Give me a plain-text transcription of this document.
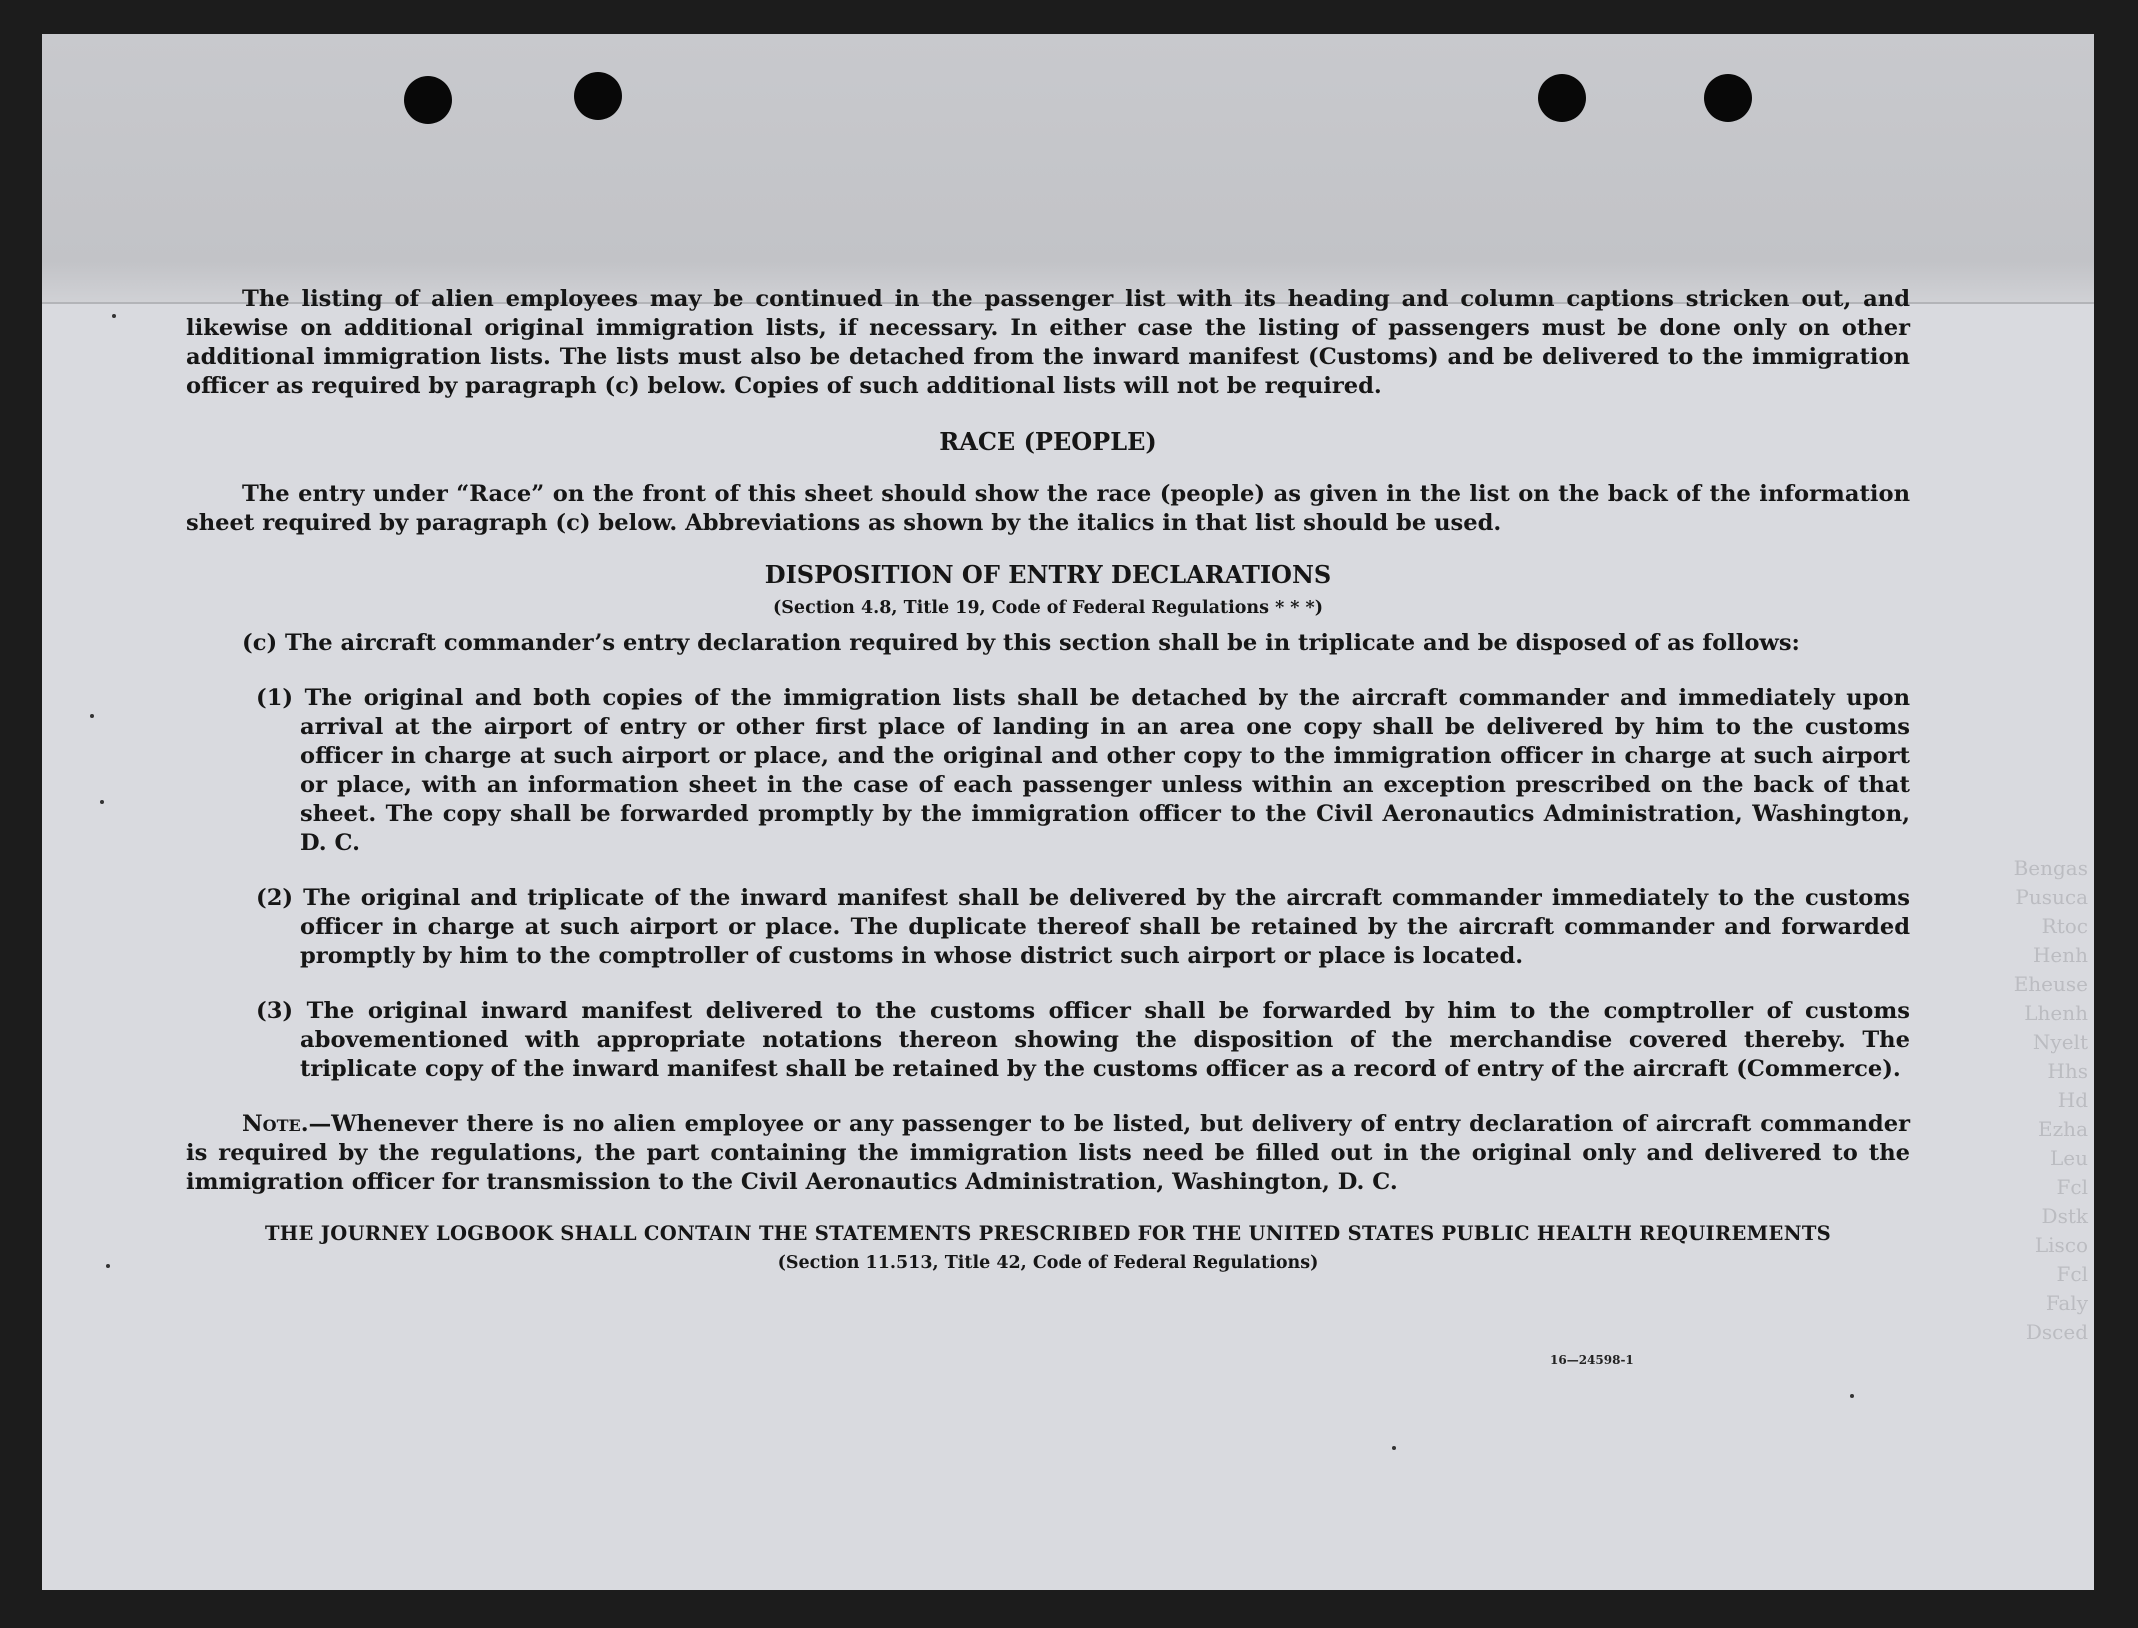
Bengas
Pusuca
Rtoc
Henh
Eheuse
Lhenh
Nyelt
Hhs
Hd
Ezha
Leu
Fcl
Dstk
Lisco
Fcl
Faly
Dsced

The listing of alien employees may be continued in the passenger list with its heading and column captions stricken out, and likewise on additional original immigration lists, if necessary. In either case the listing of passengers must be done only on other additional immigration lists. The lists must also be detached from the inward manifest (Customs) and be delivered to the immigration officer as required by paragraph (c) below. Copies of such additional lists will not be required.

RACE (PEOPLE)

The entry under “Race” on the front of this sheet should show the race (people) as given in the list on the back of the information sheet required by paragraph (c) below. Abbreviations as shown by the italics in that list should be used.

DISPOSITION OF ENTRY DECLARATIONS

(Section 4.8, Title 19, Code of Federal Regulations * * *)

(c) The aircraft commander’s entry declaration required by this section shall be in triplicate and be disposed of as follows:

(1) The original and both copies of the immigration lists shall be detached by the aircraft commander and immediately upon arrival at the airport of entry or other first place of landing in an area one copy shall be delivered by him to the customs officer in charge at such airport or place, and the original and other copy to the immigration officer in charge at such airport or place, with an information sheet in the case of each passenger unless within an exception prescribed on the back of that sheet. The copy shall be forwarded promptly by the immigration officer to the Civil Aeronautics Administration, Washington, D. C.

(2) The original and triplicate of the inward manifest shall be delivered by the aircraft commander immediately to the customs officer in charge at such airport or place. The duplicate thereof shall be retained by the aircraft commander and forwarded promptly by him to the comptroller of customs in whose district such airport or place is located.

(3) The original inward manifest delivered to the customs officer shall be forwarded by him to the comptroller of customs abovementioned with appropriate notations thereon showing the disposition of the merchandise covered thereby. The triplicate copy of the inward manifest shall be retained by the customs officer as a record of entry of the aircraft (Commerce).

Note.—Whenever there is no alien employee or any passenger to be listed, but delivery of entry declaration of aircraft commander is required by the regulations, the part containing the immigration lists need be filled out in the original only and delivered to the immigration officer for transmission to the Civil Aeronautics Administration, Washington, D. C.

THE JOURNEY LOGBOOK SHALL CONTAIN THE STATEMENTS PRESCRIBED FOR THE UNITED STATES PUBLIC HEALTH REQUIREMENTS

(Section 11.513, Title 42, Code of Federal Regulations)

16—24598-1
